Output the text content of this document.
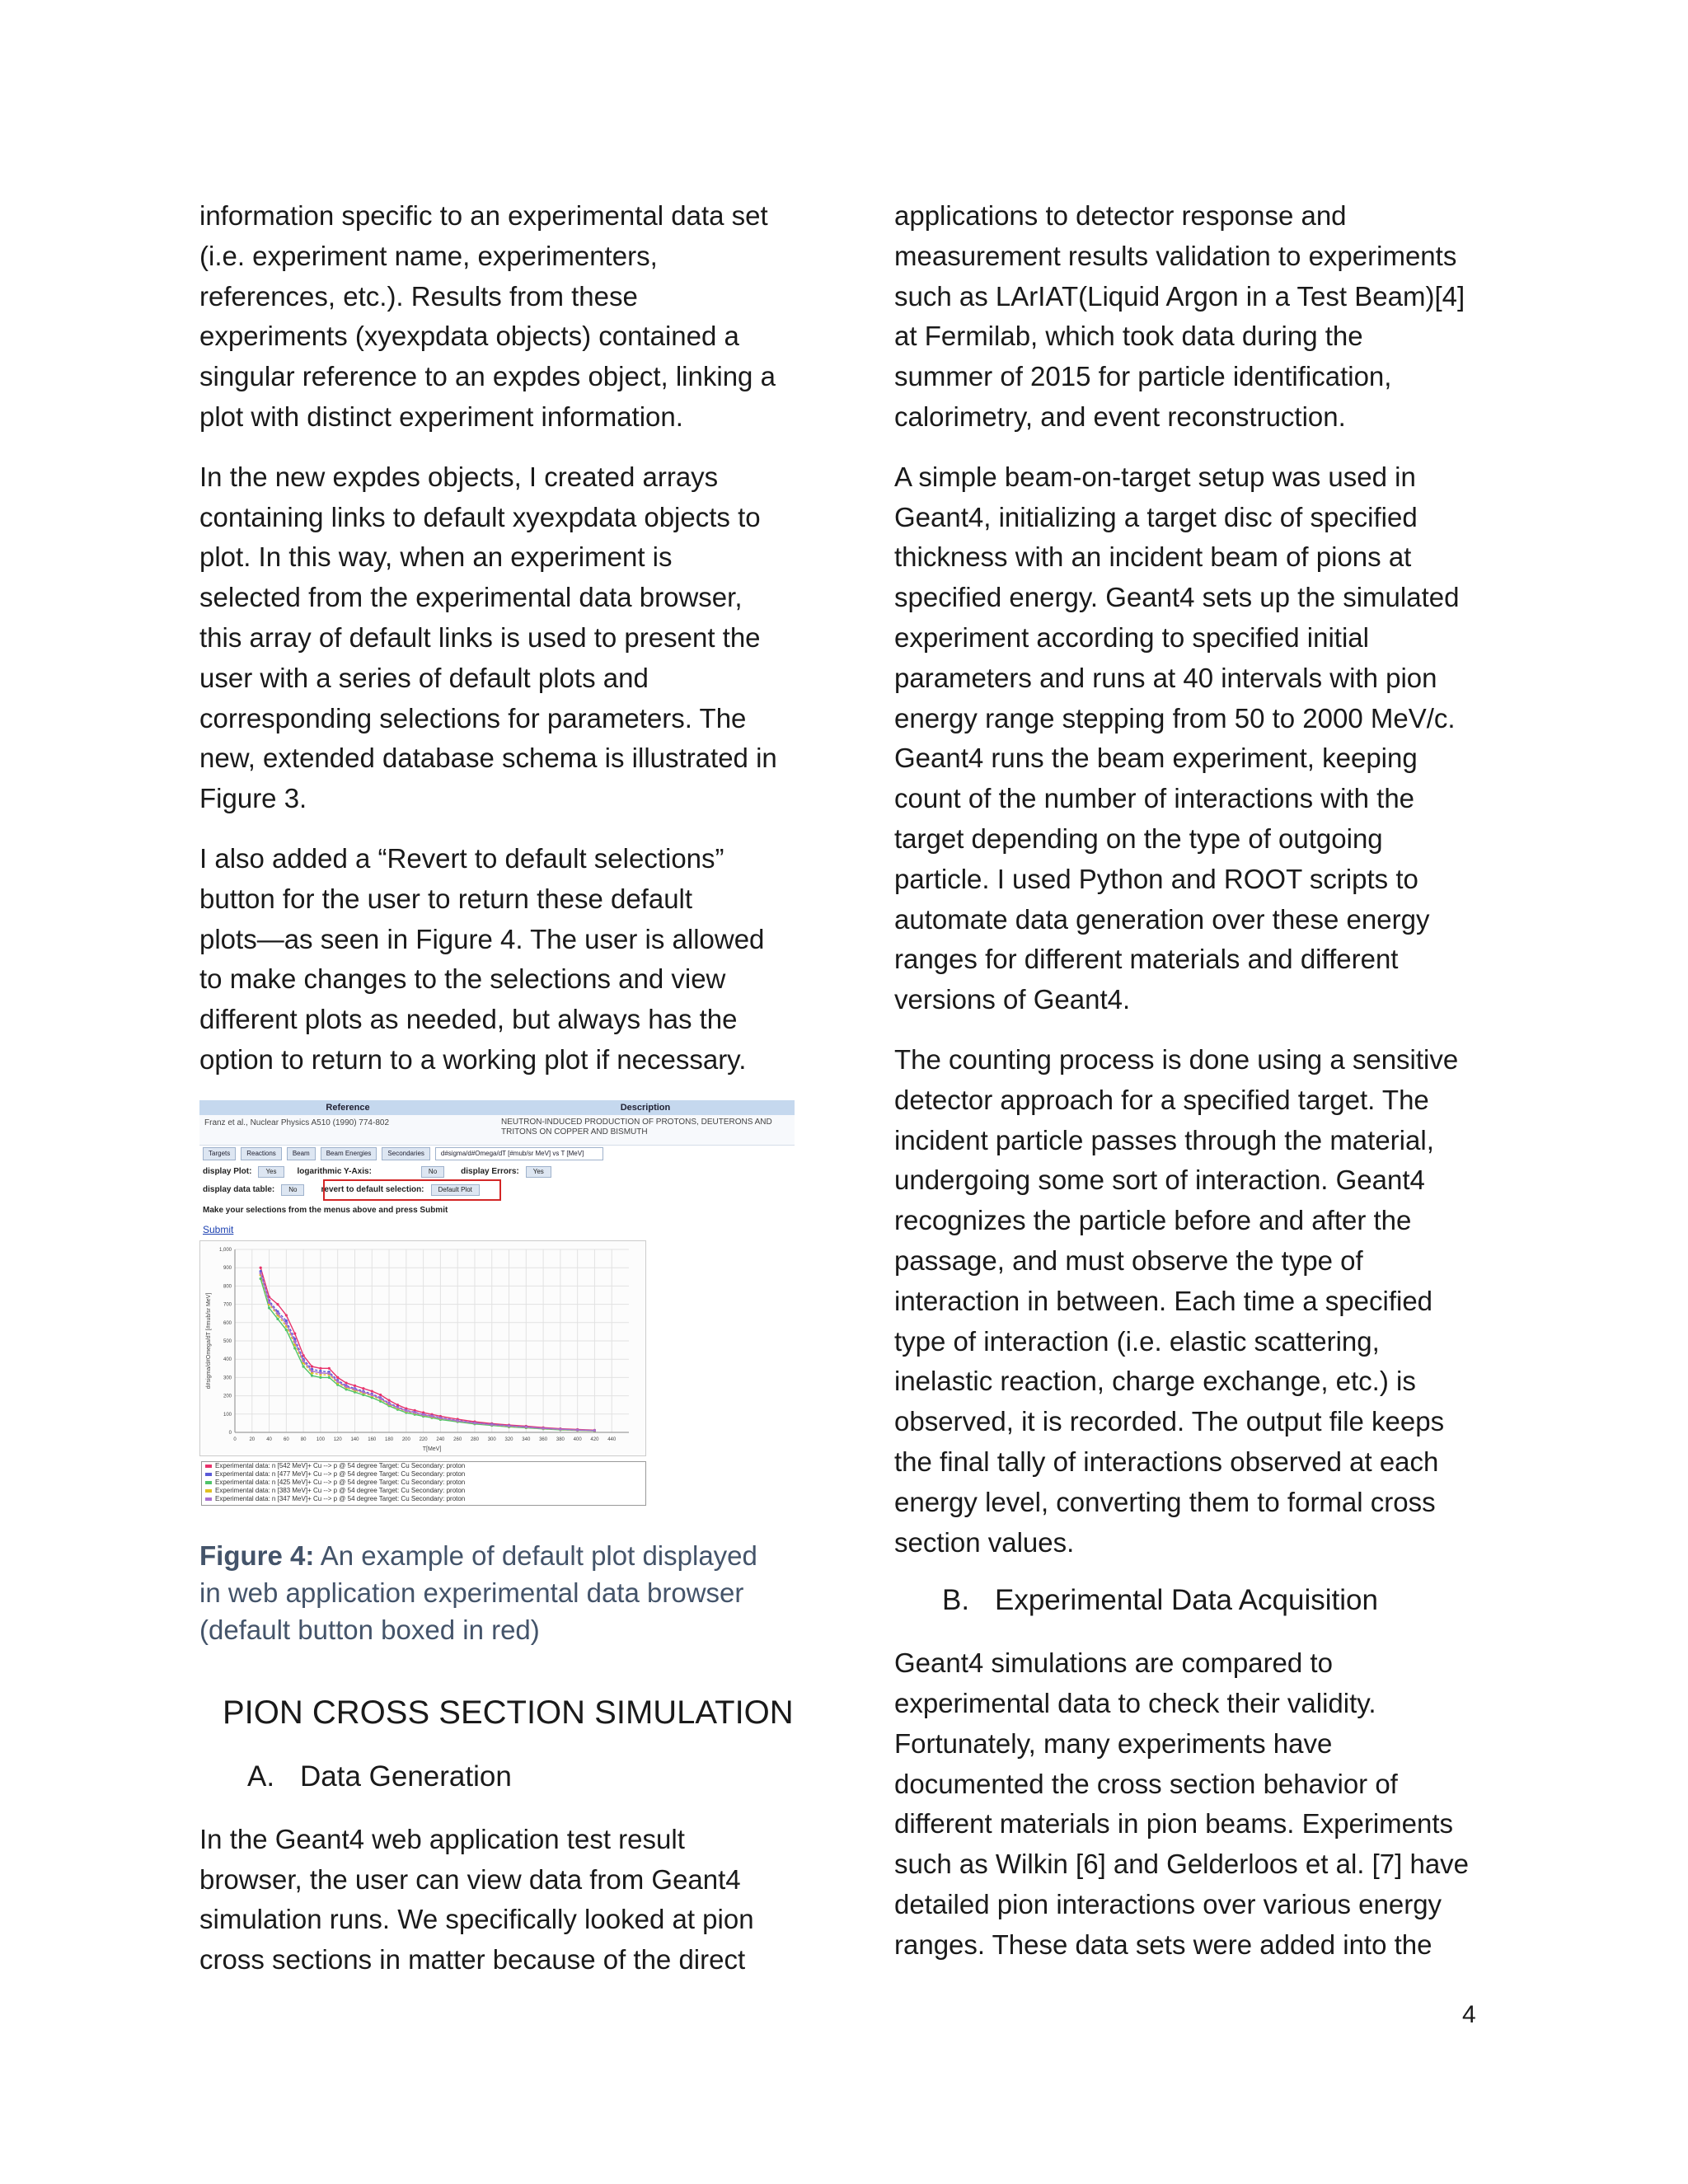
information specific to an experimental data set
(i.e. experiment name, experimenters,
references, etc.). Results from these
experiments (xyexpdata objects) contained a
singular reference to an expdes object, linking a
plot with distinct experiment information.

In the new expdes objects, I created arrays
containing links to default xyexpdata objects to
plot. In this way, when an experiment is
selected from the experimental data browser,
this array of default links is used to present the
user with a series of default plots and
corresponding selections for parameters. The
new, extended database schema is illustrated in
Figure 3.

I also added a “Revert to default selections”
button for the user to return these default
plots—as seen in Figure 4. The user is allowed
to make changes to the selections and view
different plots as needed, but always has the
option to return to a working plot if necessary.

Reference	Description
Franz et al., Nuclear Physics A510 (1990) 774-802	NEUTRON-INDUCED PRODUCTION OF PROTONS, DEUTERONS AND TRITONS ON COPPER AND BISMUTH
Targets	Reactions	Beam	Beam Energies	Secondaries	d#sigma/d#Omega/dT [#mub/sr MeV] vs T [MeV]
display Plot:	Yes	logarithmic Y-Axis:	No	display Errors:	Yes
display data table:	No	revert to default selection:	Default Plot
Make your selections from the menus above and press Submit
Submit
0	20 40 60 80 100 120 140 160 180 200 220 240 260 280 300 320 340 360 380 400 420 440
0
100
200
300
400
500
600
700
800
900
1,000
T[MeV]
d#sigma/d#Omega/dT [#mub/sr MeV]
Experimental data: n [542 MeV]+ Cu --> p @ 54 degree Target: Cu Secondary: proton
Experimental data: n [477 MeV]+ Cu --> p @ 54 degree Target: Cu Secondary: proton
Experimental data: n [425 MeV]+ Cu --> p @ 54 degree Target: Cu Secondary: proton
Experimental data: n [383 MeV]+ Cu --> p @ 54 degree Target: Cu Secondary: proton
Experimental data: n [347 MeV]+ Cu --> p @ 54 degree Target: Cu Secondary: proton

Figure 4: An example of default plot displayed
in web application experimental data browser
(default button boxed in red)

PION CROSS SECTION SIMULATION
A. Data Generation

In the Geant4 web application test result
browser, the user can view data from Geant4
simulation runs. We specifically looked at pion
cross sections in matter because of the direct

applications to detector response and
measurement results validation to experiments
such as LArIAT(Liquid Argon in a Test Beam)[4]
at Fermilab, which took data during the
summer of 2015 for particle identification,
calorimetry, and event reconstruction.

A simple beam-on-target setup was used in
Geant4, initializing a target disc of specified
thickness with an incident beam of pions at
specified energy. Geant4 sets up the simulated
experiment according to specified initial
parameters and runs at 40 intervals with pion
energy range stepping from 50 to 2000 MeV/c.
Geant4 runs the beam experiment, keeping
count of the number of interactions with the
target depending on the type of outgoing
particle. I used Python and ROOT scripts to
automate data generation over these energy
ranges for different materials and different
versions of Geant4.

The counting process is done using a sensitive
detector approach for a specified target. The
incident particle passes through the material,
undergoing some sort of interaction. Geant4
recognizes the particle before and after the
passage, and must observe the type of
interaction in between. Each time a specified
type of interaction (i.e. elastic scattering,
inelastic reaction, charge exchange, etc.) is
observed, it is recorded. The output file keeps
the final tally of interactions observed at each
energy level, converting them to formal cross
section values.

B. Experimental Data Acquisition

Geant4 simulations are compared to
experimental data to check their validity.
Fortunately, many experiments have
documented the cross section behavior of
different materials in pion beams. Experiments
such as Wilkin [6] and Gelderloos et al. [7] have
detailed pion interactions over various energy
ranges. These data sets were added into the

4
